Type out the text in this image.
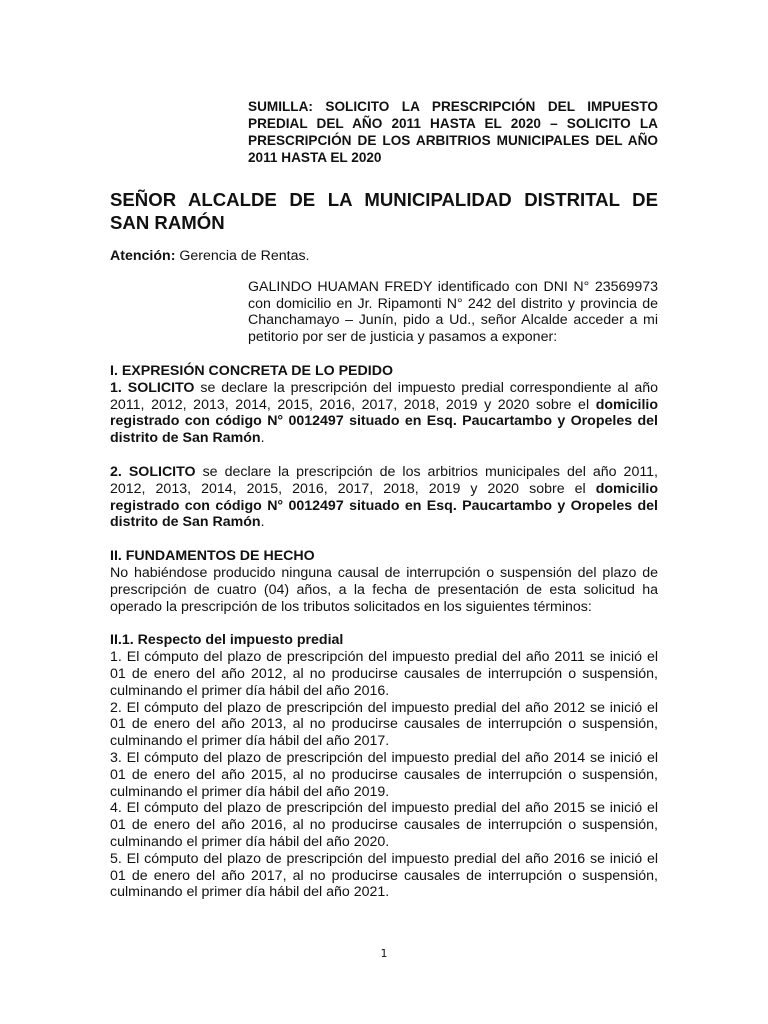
SUMILLA: SOLICITO LA PRESCRIPCIÓN DEL IMPUESTO PREDIAL DEL AÑO 2011 HASTA EL 2020 – SOLICITO LA PRESCRIPCIÓN DE LOS ARBITRIOS MUNICIPALES DEL AÑO 2011 HASTA EL 2020
SEÑOR ALCALDE DE LA MUNICIPALIDAD DISTRITAL DE SAN RAMÓN
Atención: Gerencia de Rentas.
GALINDO HUAMAN FREDY identificado con DNI N° 23569973 con domicilio en Jr. Ripamonti N° 242 del distrito y provincia de Chanchamayo – Junín, pido a Ud., señor Alcalde acceder a mi petitorio por ser de justicia y pasamos a exponer:
I. EXPRESIÓN CONCRETA DE LO PEDIDO
1. SOLICITO se declare la prescripción del impuesto predial correspondiente al año 2011, 2012, 2013, 2014, 2015, 2016, 2017, 2018, 2019 y 2020 sobre el domicilio registrado con código N° 0012497 situado en Esq. Paucartambo y Oropeles del distrito de San Ramón.
2. SOLICITO se declare la prescripción de los arbitrios municipales del año 2011, 2012, 2013, 2014, 2015, 2016, 2017, 2018, 2019 y 2020 sobre el domicilio registrado con código N° 0012497 situado en Esq. Paucartambo y Oropeles del distrito de San Ramón.
II. FUNDAMENTOS DE HECHO
No habiéndose producido ninguna causal de interrupción o suspensión del plazo de prescripción de cuatro (04) años, a la fecha de presentación de esta solicitud ha operado la prescripción de los tributos solicitados en los siguientes términos:
II.1. Respecto del impuesto predial
1. El cómputo del plazo de prescripción del impuesto predial del año 2011 se inició el 01 de enero del año 2012, al no producirse causales de interrupción o suspensión, culminando el primer día hábil del año 2016.
2. El cómputo del plazo de prescripción del impuesto predial del año 2012 se inició el 01 de enero del año 2013, al no producirse causales de interrupción o suspensión, culminando el primer día hábil del año 2017.
3. El cómputo del plazo de prescripción del impuesto predial del año 2014 se inició el 01 de enero del año 2015, al no producirse causales de interrupción o suspensión, culminando el primer día hábil del año 2019.
4. El cómputo del plazo de prescripción del impuesto predial del año 2015 se inició el 01 de enero del año 2016, al no producirse causales de interrupción o suspensión, culminando el primer día hábil del año 2020.
5. El cómputo del plazo de prescripción del impuesto predial del año 2016 se inició el 01 de enero del año 2017, al no producirse causales de interrupción o suspensión, culminando el primer día hábil del año 2021.
1
